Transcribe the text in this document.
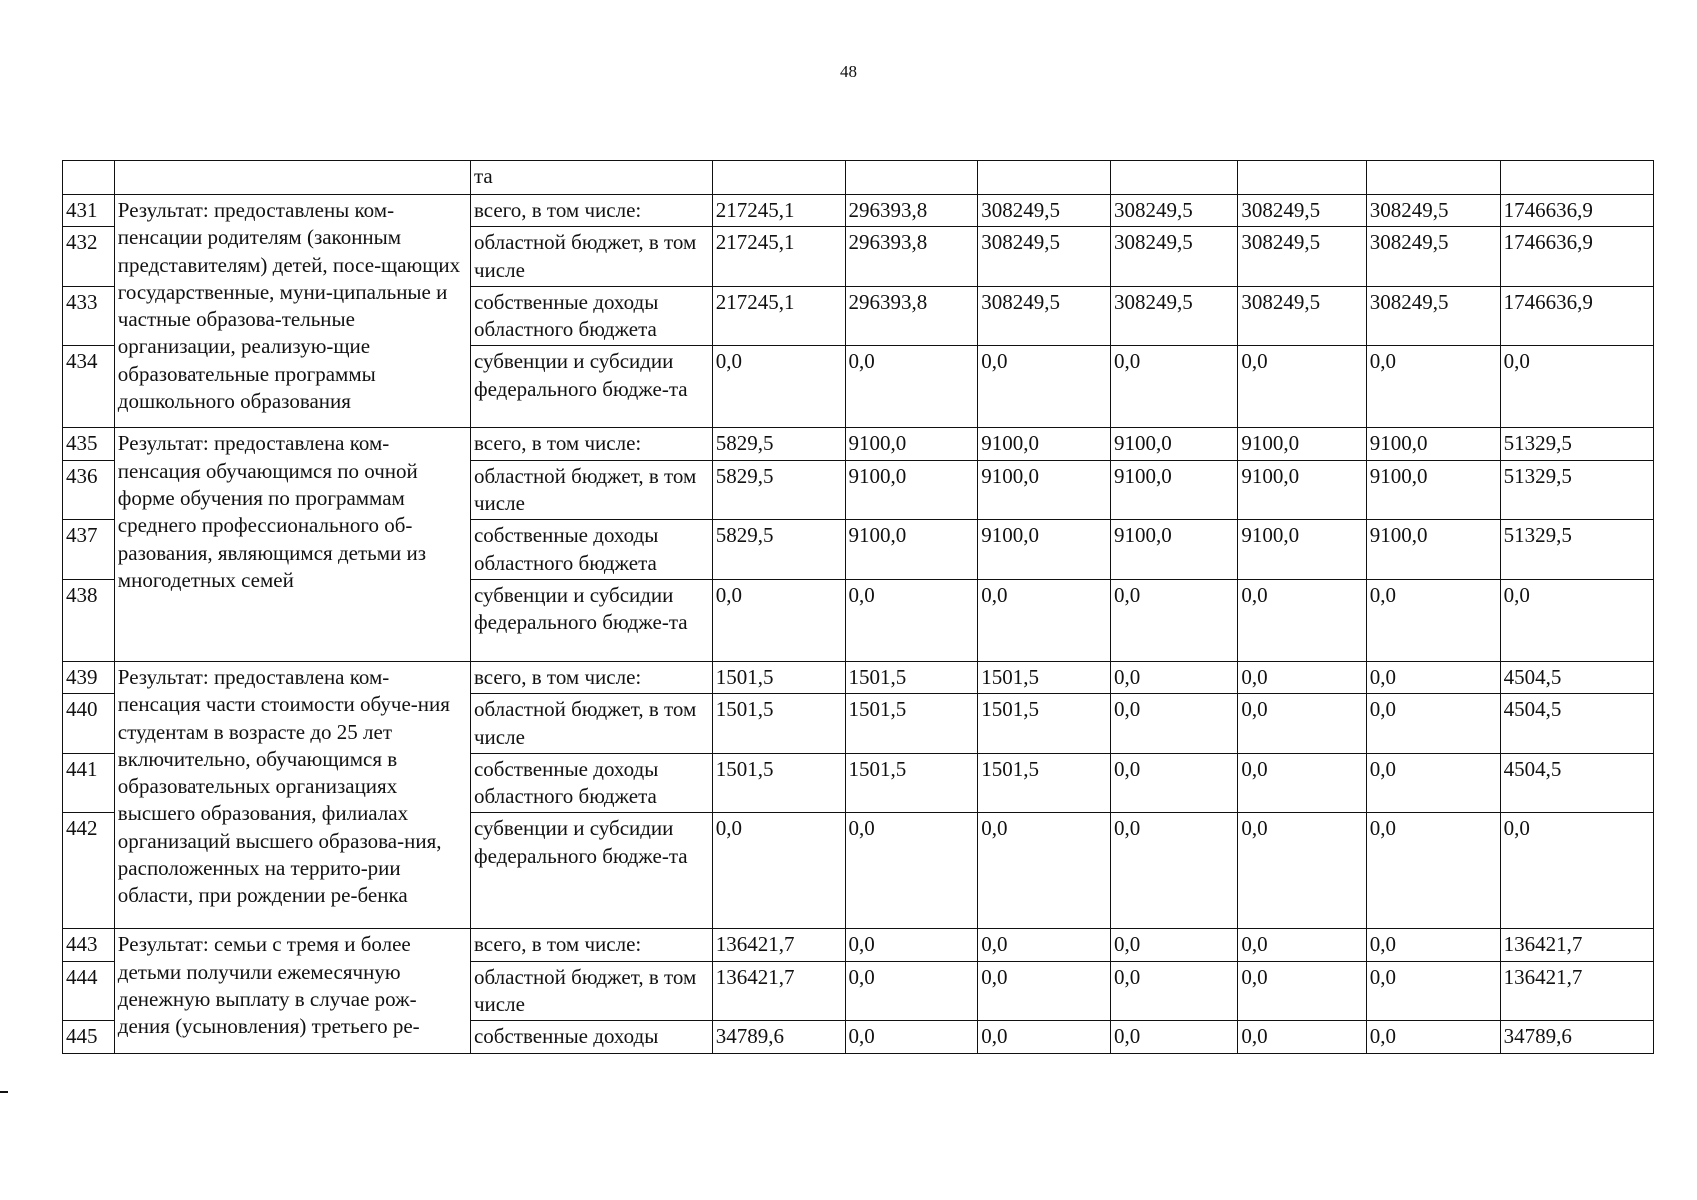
48
		та							
431	Результат: предоставлены ком-пенсации родителям (законным представителям) детей, посе-щающих государственные, муни-ципальные и частные образова-тельные организации, реализую-щие образовательные программы дошкольного образования	всего, в том числе:	217245,1	296393,8	308249,5	308249,5	308249,5	308249,5	1746636,9
432		областной бюджет, в том числе	217245,1	296393,8	308249,5	308249,5	308249,5	308249,5	1746636,9
433		собственные доходы областного бюджета	217245,1	296393,8	308249,5	308249,5	308249,5	308249,5	1746636,9
434		субвенции и субсидии федерального бюдже-та	0,0	0,0	0,0	0,0	0,0	0,0	0,0
435	Результат: предоставлена ком-пенсация обучающимся по очной форме обучения по программам среднего профессионального об-разования, являющимся детьми из многодетных семей	всего, в том числе:	5829,5	9100,0	9100,0	9100,0	9100,0	9100,0	51329,5
436		областной бюджет, в том числе	5829,5	9100,0	9100,0	9100,0	9100,0	9100,0	51329,5
437		собственные доходы областного бюджета	5829,5	9100,0	9100,0	9100,0	9100,0	9100,0	51329,5
438		субвенции и субсидии федерального бюдже-та	0,0	0,0	0,0	0,0	0,0	0,0	0,0
439	Результат: предоставлена ком-пенсация части стоимости обуче-ния студентам в возрасте до 25 лет включительно, обучающимся в образовательных организациях высшего образования, филиалах организаций высшего образова-ния, расположенных на террито-рии области, при рождении ре-бенка	всего, в том числе:	1501,5	1501,5	1501,5	0,0	0,0	0,0	4504,5
440		областной бюджет, в том числе	1501,5	1501,5	1501,5	0,0	0,0	0,0	4504,5
441		собственные доходы областного бюджета	1501,5	1501,5	1501,5	0,0	0,0	0,0	4504,5
442		субвенции и субсидии федерального бюдже-та	0,0	0,0	0,0	0,0	0,0	0,0	0,0
443	Результат: семьи с тремя и более детьми получили ежемесячную денежную выплату в случае рож-дения (усыновления) третьего ре-	всего, в том числе:	136421,7	0,0	0,0	0,0	0,0	0,0	136421,7
444		областной бюджет, в том числе	136421,7	0,0	0,0	0,0	0,0	0,0	136421,7
445		собственные доходы	34789,6	0,0	0,0	0,0	0,0	0,0	34789,6
